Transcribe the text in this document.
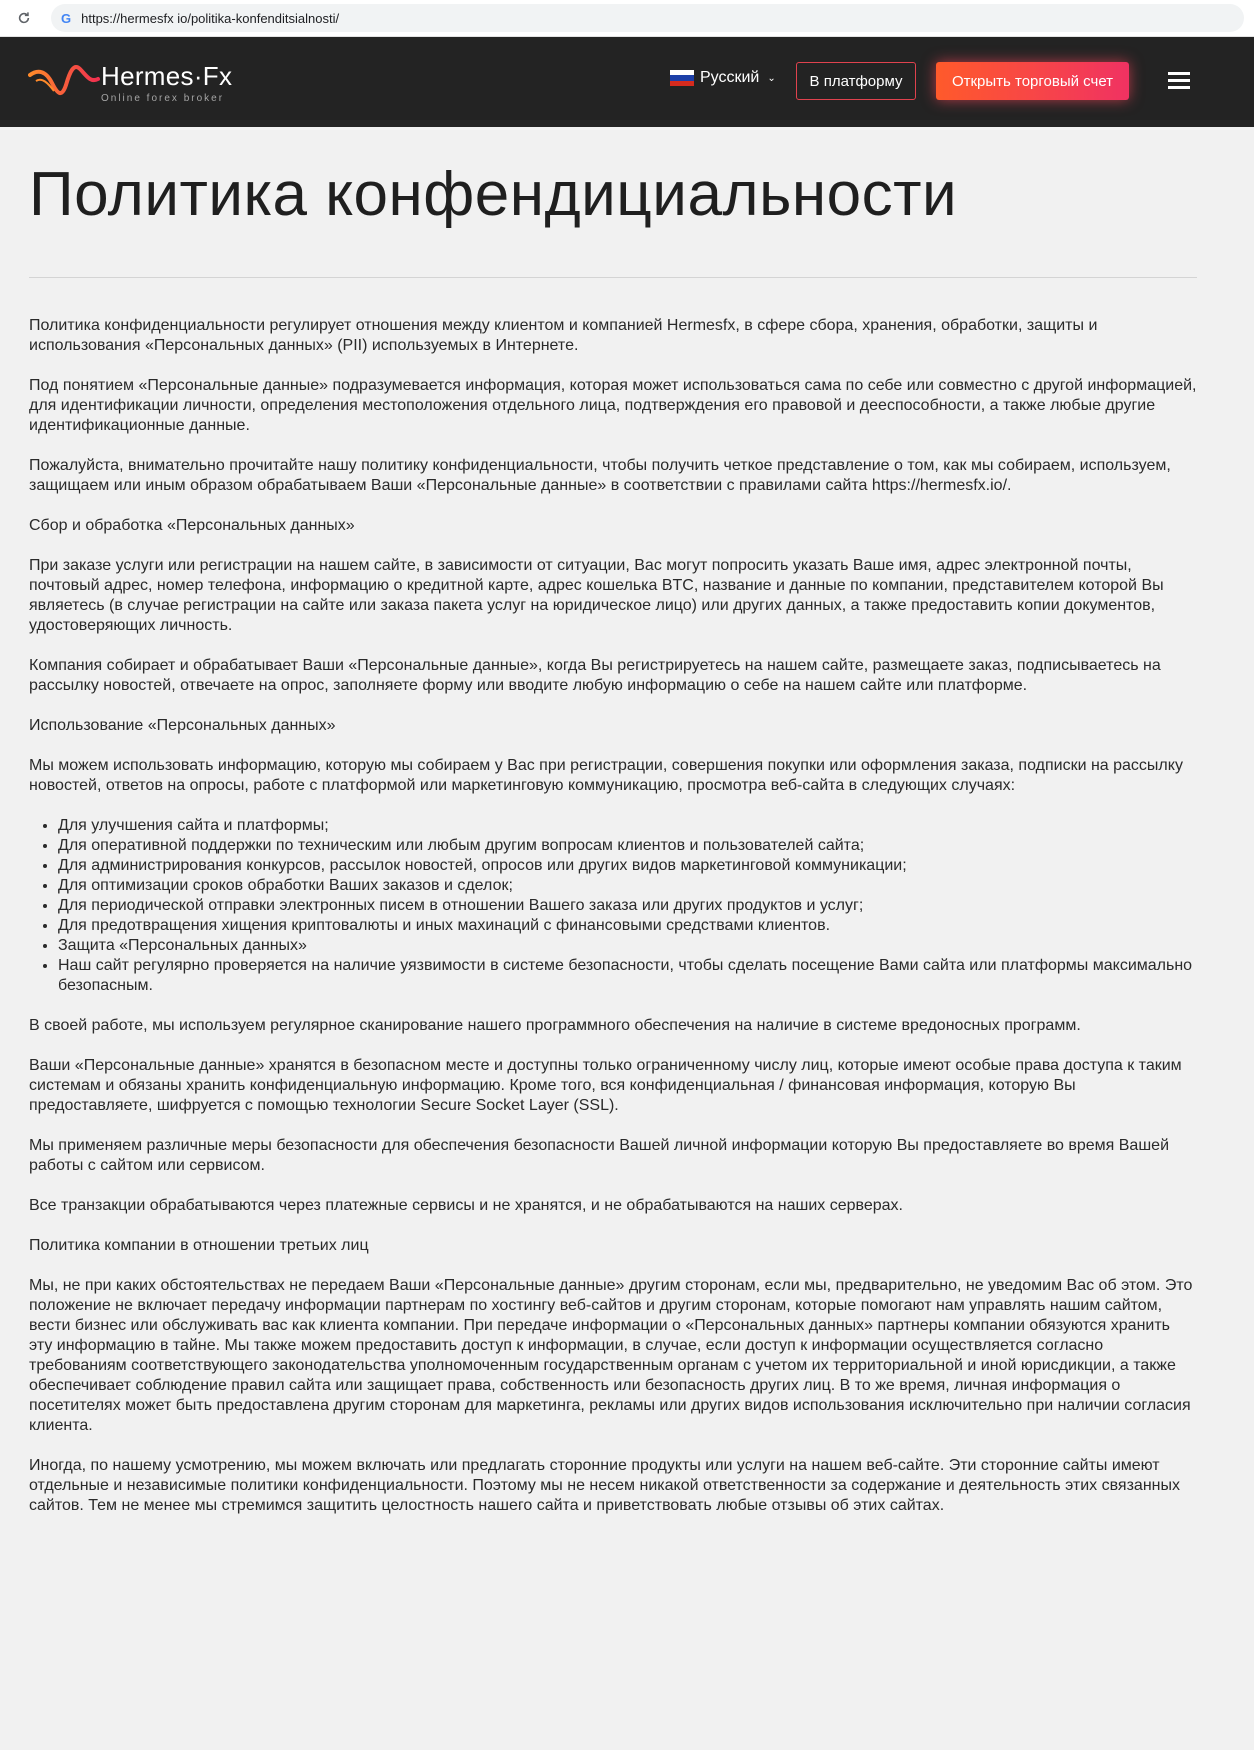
G https://hermesfx io/politika-konfenditsialnosti/
Hermes·Fx
Online forex broker
Русский ⌄	В платформу	Открыть торговый счет
Политика конфендициальности

Политика конфиденциальности регулирует отношения между клиентом и компанией Hermesfx, в сфере сбора, хранения, обработки, защиты и использования «Персональных данных» (PII) используемых в Интернете.

Под понятием «Персональные данные» подразумевается информация, которая может использоваться сама по себе или совместно с другой информацией, для идентификации личности, определения местоположения отдельного лица, подтверждения его правовой и дееспособности, а также любые другие идентификационные данные.

Пожалуйста, внимательно прочитайте нашу политику конфиденциальности, чтобы получить четкое представление о том, как мы собираем, используем, защищаем или иным образом обрабатываем Ваши «Персональные данные» в соответствии с правилами сайта https://hermesfx.io/.

Сбор и обработка «Персональных данных»

При заказе услуги или регистрации на нашем сайте, в зависимости от ситуации, Вас могут попросить указать Ваше имя, адрес электронной почты, почтовый адрес, номер телефона, информацию о кредитной карте, адрес кошелька BTC, название и данные по компании, представителем которой Вы являетесь (в случае регистрации на сайте или заказа пакета услуг на юридическое лицо) или других данных, а также предоставить копии документов, удостоверяющих личность.

Компания собирает и обрабатывает Ваши «Персональные данные», когда Вы регистрируетесь на нашем сайте, размещаете заказ, подписываетесь на рассылку новостей, отвечаете на опрос, заполняете форму или вводите любую информацию о себе на нашем сайте или платформе.

Использование «Персональных данных»

Мы можем использовать информацию, которую мы собираем у Вас при регистрации, совершения покупки или оформления заказа, подписки на рассылку новостей, ответов на опросы, работе с платформой или маркетинговую коммуникацию, просмотра веб-сайта в следующих случаях:

• Для улучшения сайта и платформы;
• Для оперативной поддержки по техническим или любым другим вопросам клиентов и пользователей сайта;
• Для администрирования конкурсов, рассылок новостей, опросов или других видов маркетинговой коммуникации;
• Для оптимизации сроков обработки Ваших заказов и сделок;
• Для периодической отправки электронных писем в отношении Вашего заказа или других продуктов и услуг;
• Для предотвращения хищения криптовалюты и иных махинаций с финансовыми средствами клиентов.
• Защита «Персональных данных»
• Наш сайт регулярно проверяется на наличие уязвимости в системе безопасности, чтобы сделать посещение Вами сайта или платформы максимально безопасным.

В своей работе, мы используем регулярное сканирование нашего программного обеспечения на наличие в системе вредоносных программ.

Ваши «Персональные данные» хранятся в безопасном месте и доступны только ограниченному числу лиц, которые имеют особые права доступа к таким системам и обязаны хранить конфиденциальную информацию. Кроме того, вся конфиденциальная / финансовая информация, которую Вы предоставляете, шифруется с помощью технологии Secure Socket Layer (SSL).

Мы применяем различные меры безопасности для обеспечения безопасности Вашей личной информации которую Вы предоставляете во время Вашей работы с сайтом или сервисом.

Все транзакции обрабатываются через платежные сервисы и не хранятся, и не обрабатываются на наших серверах.

Политика компании в отношении третьих лиц

Мы, не при каких обстоятельствах не передаем Ваши «Персональные данные» другим сторонам, если мы, предварительно, не уведомим Вас об этом. Это положение не включает передачу информации партнерам по хостингу веб-сайтов и другим сторонам, которые помогают нам управлять нашим сайтом, вести бизнес или обслуживать вас как клиента компании. При передаче информации о «Персональных данных» партнеры компании обязуются хранить эту информацию в тайне. Мы также можем предоставить доступ к информации, в случае, если доступ к информации осуществляется согласно требованиям соответствующего законодательства уполномоченным государственным органам с учетом их территориальной и иной юрисдикции, а также обеспечивает соблюдение правил сайта или защищает права, собственность или безопасность других лиц. В то же время, личная информация о посетителях может быть предоставлена другим сторонам для маркетинга, рекламы или других видов использования исключительно при наличии согласия клиента.

Иногда, по нашему усмотрению, мы можем включать или предлагать сторонние продукты или услуги на нашем веб-сайте. Эти сторонние сайты имеют отдельные и независимые политики конфиденциальности. Поэтому мы не несем никакой ответственности за содержание и деятельность этих связанных сайтов. Тем не менее мы стремимся защитить целостность нашего сайта и приветствовать любые отзывы об этих сайтах.
